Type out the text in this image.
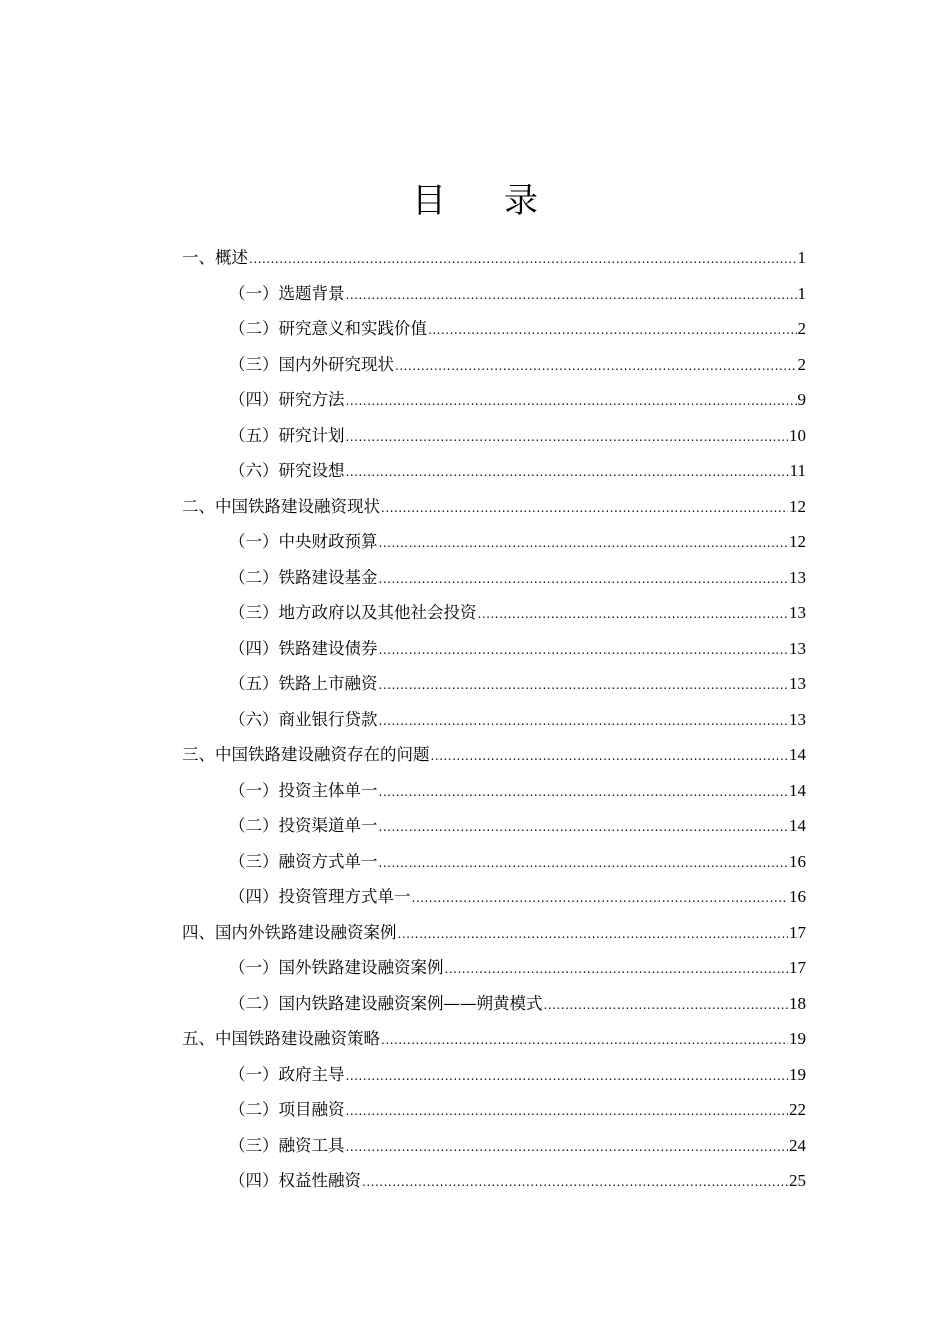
目 录
一、概述 .....	1
（一）选题背景 .....	1
（二）研究意义和实践价值 .....	2
（三）国内外研究现状 .....	2
（四）研究方法 .....	9
（五）研究计划 .....	10
（六）研究设想 .....	11
二、中国铁路建设融资现状 .....	12
（一）中央财政预算 .....	12
（二）铁路建设基金 .....	13
（三）地方政府以及其他社会投资 .....	13
（四）铁路建设债券 .....	13
（五）铁路上市融资 .....	13
（六）商业银行贷款 .....	13
三、中国铁路建设融资存在的问题 .....	14
（一）投资主体单一 .....	14
（二）投资渠道单一 .....	14
（三）融资方式单一 .....	16
（四）投资管理方式单一 .....	16
四、国内外铁路建设融资案例 .....	17
（一）国外铁路建设融资案例 .....	17
（二）国内铁路建设融资案例——朔黄模式 .....	18
五、中国铁路建设融资策略 .....	19
（一）政府主导 .....	19
（二）项目融资 .....	22
（三）融资工具 .....	24
（四）权益性融资 .....	25
